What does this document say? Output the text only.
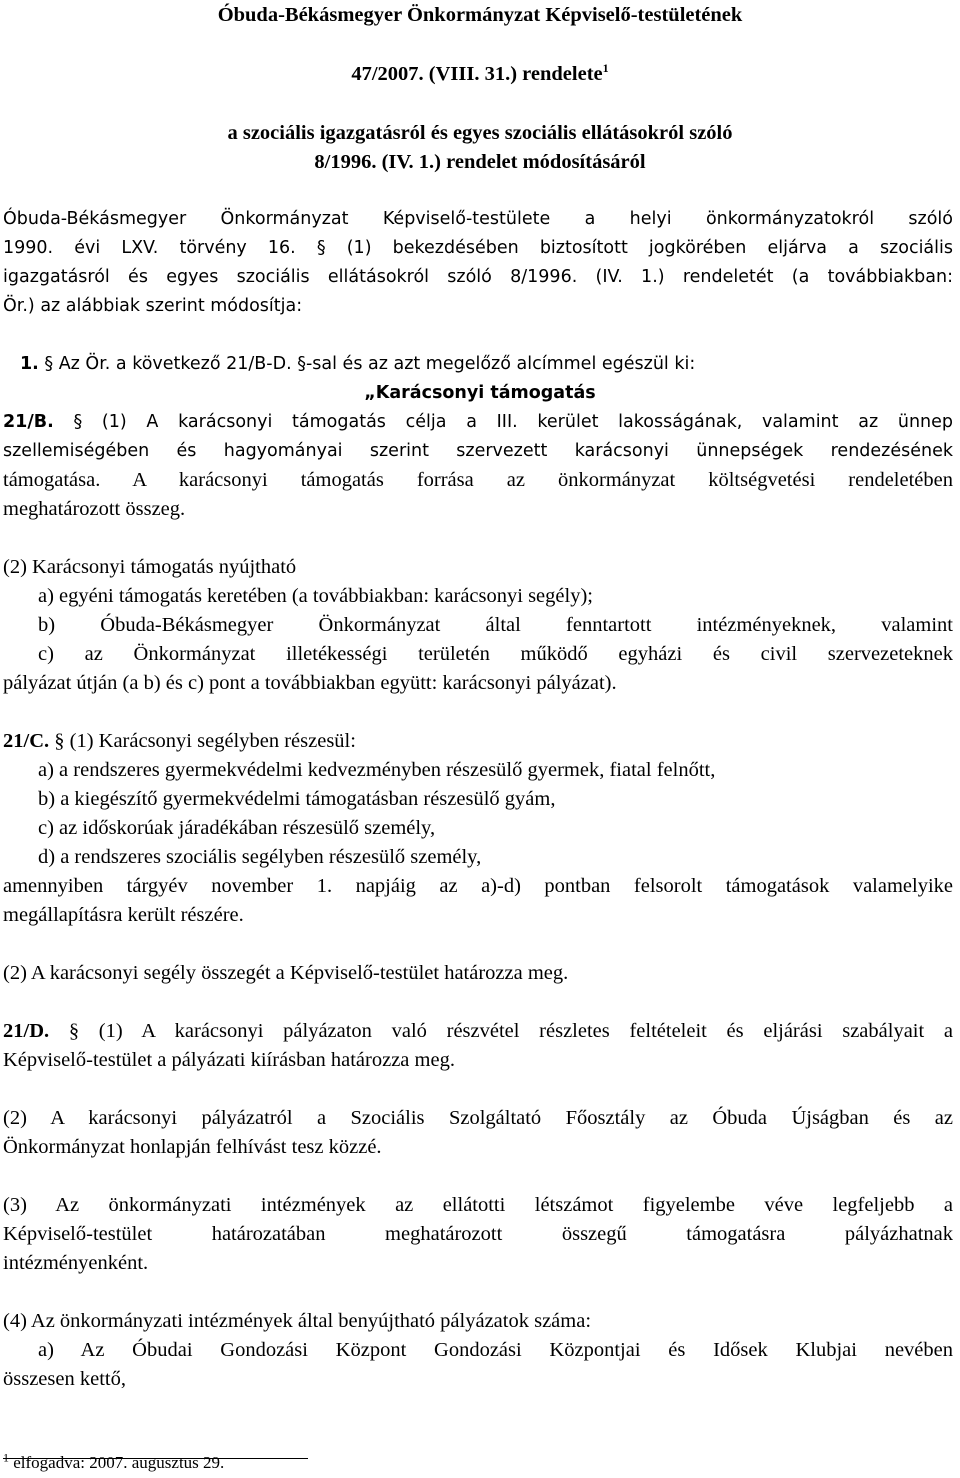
Óbuda-Békásmegyer Önkormányzat Képviselő-testületének
47/2007. (VIII. 31.) rendelete$^1$
a szociális igazgatásról és egyes szociális ellátásokról szóló
8/1996. (IV. 1.) rendelet módosításáról
Óbuda-Békásmegyer Önkormányzat Képviselő-testülete a helyi önkormányzatokról szóló
1990. évi LXV. törvény 16. § (1) bekezdésében biztosított jogkörében eljárva a szociális
igazgatásról és egyes szociális ellátásokról szóló 8/1996. (IV. 1.) rendeletét (a továbbiakban:
Ör.) az alábbiak szerint módosítja:
1. § Az Ör. a következő 21/B-D. §-sal és az azt megelőző alcímmel egészül ki:
„Karácsonyi támogatás
21/B. § (1) A karácsonyi támogatás célja a III. kerület lakosságának, valamint az ünnep
szellemiségében és hagyományai szerint szervezett karácsonyi ünnepségek rendezésének
támogatása. A karácsonyi támogatás forrása az önkormányzat költségvetési rendeletében
meghatározott összeg.
(2) Karácsonyi támogatás nyújtható
a) egyéni támogatás keretében (a továbbiakban: karácsonyi segély);
b) Óbuda-Békásmegyer Önkormányzat által fenntartott intézményeknek, valamint
c) az Önkormányzat illetékességi területén működő egyházi és civil szervezeteknek
pályázat útján (a b) és c) pont a továbbiakban együtt: karácsonyi pályázat).
21/C. § (1) Karácsonyi segélyben részesül:
a) a rendszeres gyermekvédelmi kedvezményben részesülő gyermek, fiatal felnőtt,
b) a kiegészítő gyermekvédelmi támogatásban részesülő gyám,
c) az időskorúak járadékában részesülő személy,
d) a rendszeres szociális segélyben részesülő személy,
amennyiben tárgyév november 1. napjáig az a)-d) pontban felsorolt támogatások valamelyike
megállapításra került részére.
(2) A karácsonyi segély összegét a Képviselő-testület határozza meg.
21/D. § (1) A karácsonyi pályázaton való részvétel részletes feltételeit és eljárási szabályait a
Képviselő-testület a pályázati kiírásban határozza meg.
(2) A karácsonyi pályázatról a Szociális Szolgáltató Főosztály az Óbuda Újságban és az
Önkormányzat honlapján felhívást tesz közzé.
(3) Az önkormányzati intézmények az ellátotti létszámot figyelembe véve legfeljebb a
Képviselő-testület határozatában meghatározott összegű támogatásra pályázhatnak
intézményenként.
(4) Az önkormányzati intézmények által benyújtható pályázatok száma:
a) Az Óbudai Gondozási Központ Gondozási Központjai és Idősek Klubjai nevében
összesen kettő,
$^1$ elfogadva: 2007. augusztus 29.
